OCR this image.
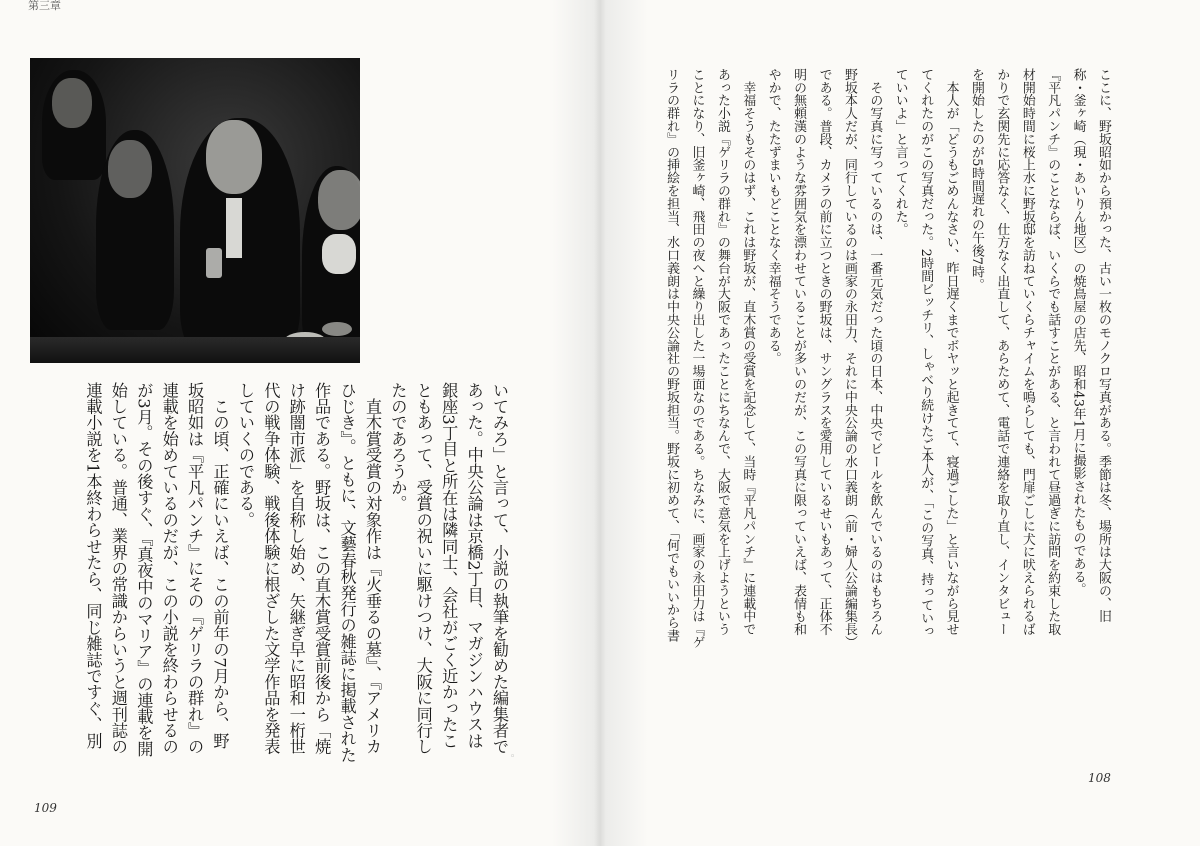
第三章
いてみろ」と言って、小説の執筆を勧めた編集者で
あった。中央公論は京橋2丁目、マガジンハウスは
銀座3丁目と所在は隣同士、会社がごく近かったこ
ともあって、受賞の祝いに駆けつけ、大阪に同行し
たのであろうか。
　直木賞受賞の対象作は『火垂るの墓』、『アメリカ
ひじき』。ともに、文藝春秋発行の雑誌に掲載された
作品である。野坂は、この直木賞受賞前後から「焼
け跡闇市派」を自称し始め、矢継ぎ早に昭和一桁世
代の戦争体験、戦後体験に根ざした文学作品を発表
していくのである。
　この頃、正確にいえば、この前年の7月から、野
坂昭如は『平凡パンチ』にその『ゲリラの群れ』の
連載を始めているのだが、この小説を終わらせるの
が3月。その後すぐ、『真夜中のマリア』の連載を開
始している。普通、業界の常識からいうと週刊誌の
連載小説を1本終わらせたら、同じ雑誌ですぐ、別
◦
109
ここに、野坂昭如から預かった、古い一枚のモノクロ写真がある。季節は冬、場所は大阪の、旧
称・釜ヶ崎（現・あいりん地区）の焼鳥屋の店先、昭和43年1月に撮影されたものである。
『平凡パンチ』のことならば、いくらでも話すことがある、と言われて昼過ぎに訪問を約束した取
材開始時間に桜上水に野坂邸を訪ねていくらチャイムを鳴らしても、門扉ごしに犬に吠えられるば
かりで玄関先に応答なく、仕方なく出直して、あらためて、電話で連絡を取り直し、インタビュー
を開始したのが5時間遅れの午後7時。
　本人が「どうもごめんなさい、昨日遅くまでボヤッと起きてて、寝過ごした」と言いながら見せ
てくれたのがこの写真だった。2時間ビッチリ、しゃべり続けたご本人が、「この写真、持っていっ
ていいよ」と言ってくれた。
　その写真に写っているのは、一番元気だった頃の日本、中央でビールを飲んでいるのはもちろん
野坂本人だが、同行しているのは画家の永田力、それに中央公論の水口義朗（前・婦人公論編集長）
である。普段、カメラの前に立つときの野坂は、サングラスを愛用しているせいもあって、正体不
明の無頼漢のような雰囲気を漂わせていることが多いのだが、この写真に限っていえば、表情も和
やかで、たたずまいもどことなく幸福そうである。
　幸福そうもそのはず、これは野坂が、直木賞の受賞を記念して、当時『平凡パンチ』に連載中で
あった小説『ゲリラの群れ』の舞台が大阪であったことにちなんで、大阪で意気を上げようという
ことになり、旧釜ヶ崎、飛田の夜へと繰り出した一場面なのである。ちなみに、画家の永田力は『ゲ
リラの群れ』の挿絵を担当、水口義朗は中央公論社の野坂担当。野坂に初めて、「何でもいいから書
108
